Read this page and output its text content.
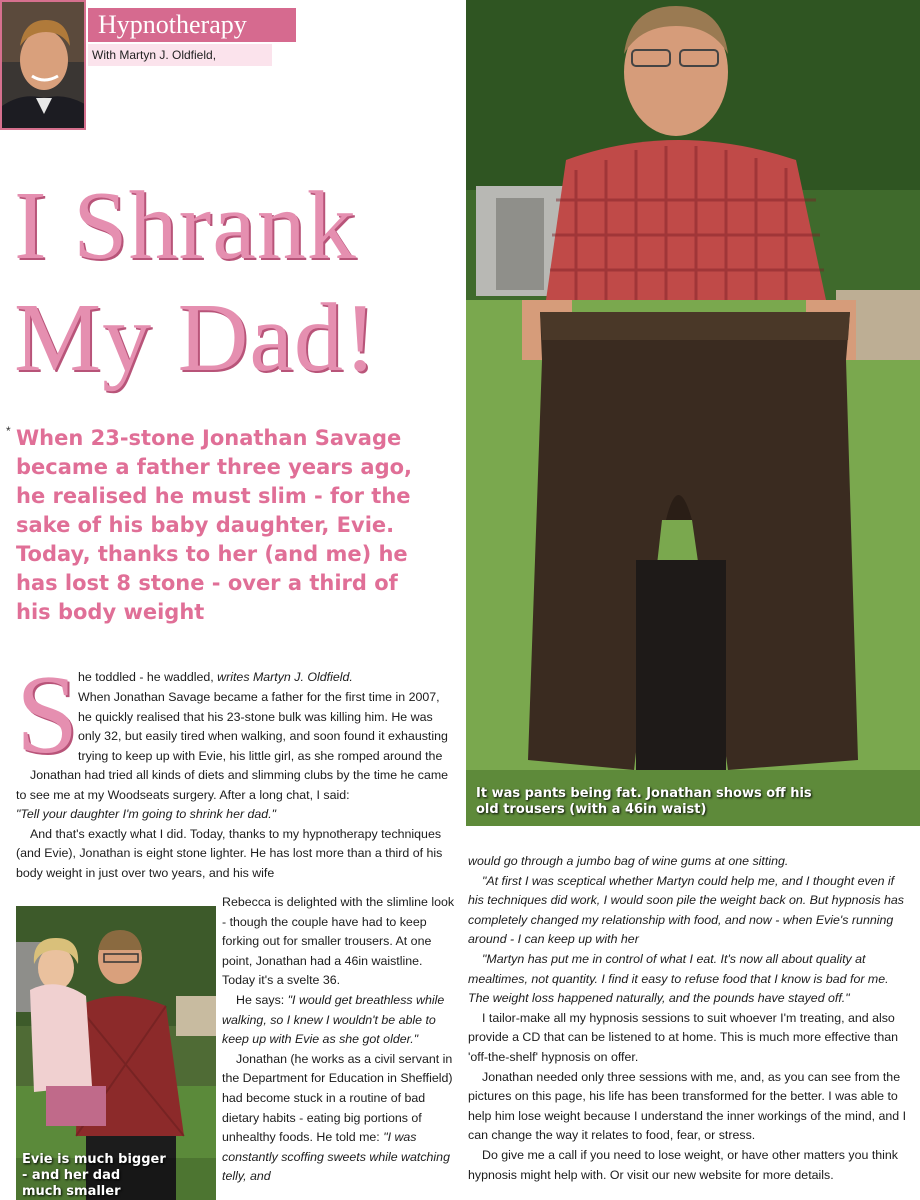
Hypnotherapy
With Martyn J. Oldfield,
I Shrank
My Dad!
* When 23-stone Jonathan Savage became a father three years ago, he realised he must slim - for the sake of his baby daughter, Evie. Today, thanks to her (and me) he has lost 8 stone - over a third of his body weight

S he toddled - he waddled, writes Martyn J. Oldfield.

When Jonathan Savage became a father for the first time in 2007, he quickly realised that his 23-stone bulk was killing him. He was only 32, but easily tired when walking, and soon found it exhausting trying to keep up with Evie, his little girl, as she romped around the

Jonathan had tried all kinds of diets and slimming clubs by the time he came to see me at my Woodseats surgery. After a long chat, I said:

"Tell your daughter I'm going to shrink her dad."

And that's exactly what I did. Today, thanks to my hypnotherapy techniques (and Evie), Jonathan is eight stone lighter. He has lost more than a third of his body weight in just over two years, and his wife

Evie is much bigger
- and her dad
much smaller

Rebecca is delighted with the slimline look - though the couple have had to keep forking out for smaller trousers. At one point, Jonathan had a 46in waistline. Today it's a svelte 36.

He says: "I would get breathless while walking, so I knew I wouldn't be able to keep up with Evie as she got older."

Jonathan (he works as a civil servant in the Department for Education in Sheffield) had become stuck in a routine of bad dietary habits - eating big portions of unhealthy foods. He told me: "I was constantly scoffing sweets while watching telly, and

It was pants being fat. Jonathan shows off his
old trousers (with a 46in waist)

would go through a jumbo bag of wine gums at one sitting.

"At first I was sceptical whether Martyn could help me, and I thought even if his techniques did work, I would soon pile the weight back on. But hypnosis has completely changed my relationship with food, and now - when Evie's running around - I can keep up with her

"Martyn has put me in control of what I eat. It's now all about quality at mealtimes, not quantity. I find it easy to refuse food that I know is bad for me. The weight loss happened naturally, and the pounds have stayed off."

I tailor-make all my hypnosis sessions to suit whoever I'm treating, and also provide a CD that can be listened to at home. This is much more effective than 'off-the-shelf' hypnosis on offer.

Jonathan needed only three sessions with me, and, as you can see from the pictures on this page, his life has been transformed for the better. I was able to help him lose weight because I understand the inner workings of the mind, and I can change the way it relates to food, fear, or stress.

Do give me a call if you need to lose weight, or have other matters you think hypnosis might help with. Or visit our new website for more details.
